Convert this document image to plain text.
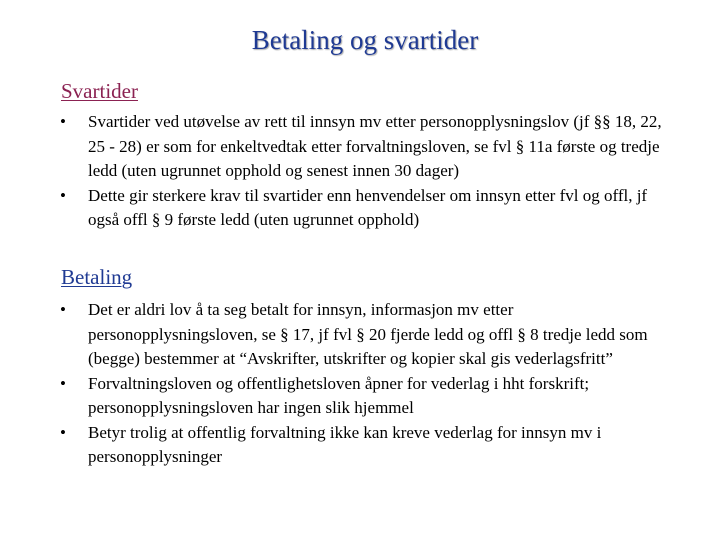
Betaling og svartider
Svartider
• Svartider ved utøvelse av rett til innsyn mv etter personopplysningslov (jf §§ 18, 22, 25 - 28) er som for enkeltvedtak etter forvaltningsloven, se fvl § 11a første og tredje ledd (uten ugrunnet opphold og senest innen 30 dager)
• Dette gir sterkere krav til svartider enn henvendelser om innsyn etter fvl og offl, jf også offl § 9 første ledd (uten ugrunnet opphold)
Betaling
• Det er aldri lov å ta seg betalt for innsyn, informasjon mv etter personopplysningsloven, se § 17, jf fvl § 20 fjerde ledd og offl § 8 tredje ledd som (begge) bestemmer at “Avskrifter, utskrifter og kopier skal gis vederlagsfritt”
• Forvaltningsloven og offentlighetsloven åpner for vederlag i hht forskrift; personopplysningsloven har ingen slik hjemmel
• Betyr trolig at offentlig forvaltning ikke kan kreve vederlag for innsyn mv i personopplysninger
